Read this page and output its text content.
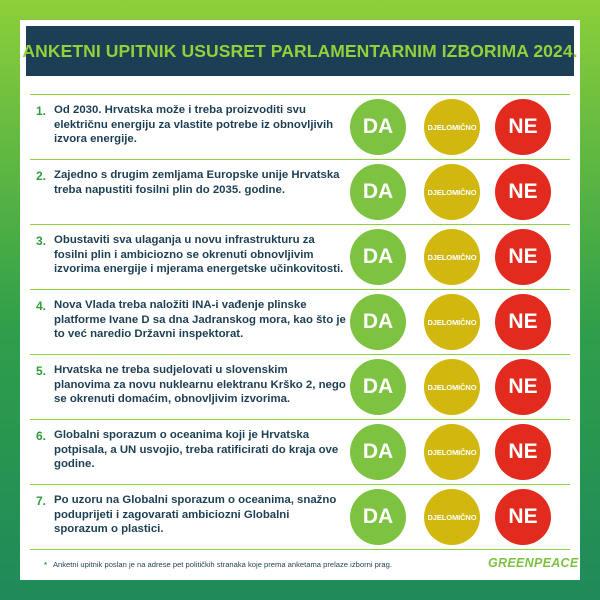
ANKETNI UPITNIK USUSRET PARLAMENTARNIM IZBORIMA 2024.
1. Od 2030. Hrvatska može i treba proizvoditi svu električnu energiju za vlastite potrebe iz obnovljivih izvora energije.
DA	DJELOMIČNO	NE
2. Zajedno s drugim zemljama Europske unije Hrvatska treba napustiti fosilni plin do 2035. godine.	DA	DJELOMIČNO	NE
3. Obustaviti sva ulaganja u novu infrastrukturu za fosilni plin i ambiciozno se okrenuti obnovljivim izvorima energije i mjerama energetske učinkovitosti.
DA	DJELOMIČNO	NE
4. Nova Vlada treba naložiti INA-i vađenje plinske platforme Ivane D sa dna Jadranskog mora, kao što je to već naredio Državni inspektorat.
DA	DJELOMIČNO	NE
5. Hrvatska ne treba sudjelovati u slovenskim planovima za novu nuklearnu elektranu Krško 2, nego se okrenuti domaćim, obnovljivim izvorima.
DA	DJELOMIČNO	NE
6. Globalni sporazum o oceanima koji je Hrvatska potpisala, a UN usvojio, treba ratificirati do kraja ove godine.
DA	DJELOMIČNO	NE
7. Po uzoru na Globalni sporazum o oceanima, snažno poduprijeti i zagovarati ambiciozni Globalni sporazum o plastici.
DA	DJELOMIČNO	NE
* Anketni upitnik poslan je na adrese pet političkih stranaka koje prema anketama prelaze izborni prag.	GREENPEACE
